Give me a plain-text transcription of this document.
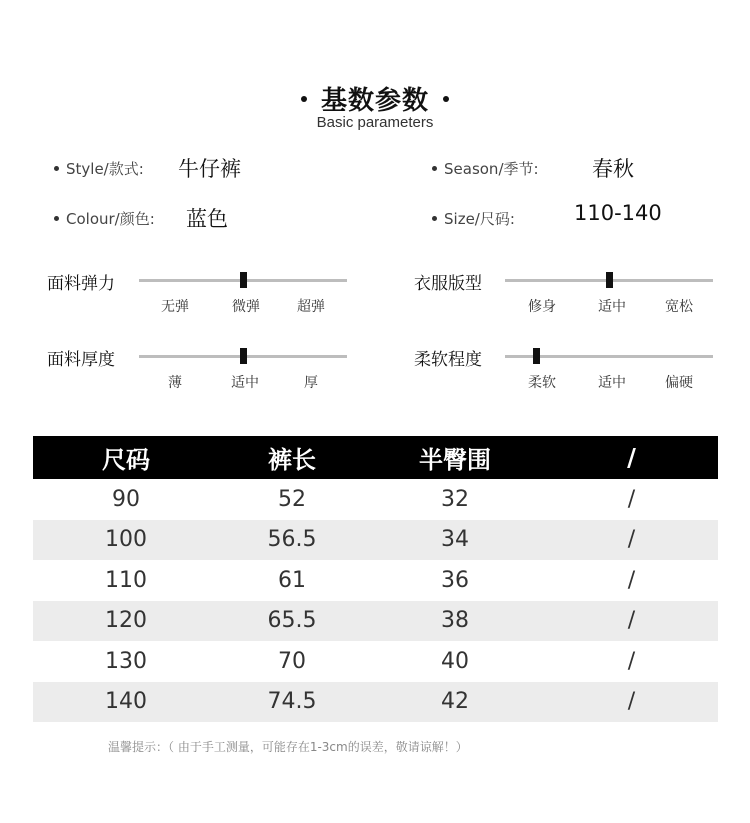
基数参数
Basic parameters
Style/款式: 牛仔裤	Season/季节:	春秋
Colour/颜色: 蓝色	Size/尺码:	110-140
面料弹力
无弹	微弹	超弹
衣服版型
修身	适中	宽松
面料厚度
薄	适中	厚
柔软程度
柔软	适中	偏硬
尺码	裤长	半臀围	/
90	52	32	/
100	56.5	34	/
110	61	36	/
120	65.5	38	/
130	70	40	/
140	74.5	42	/
温馨提示：（ 由于手工测量，可能存在1-3cm的误差，敬请谅解！）
